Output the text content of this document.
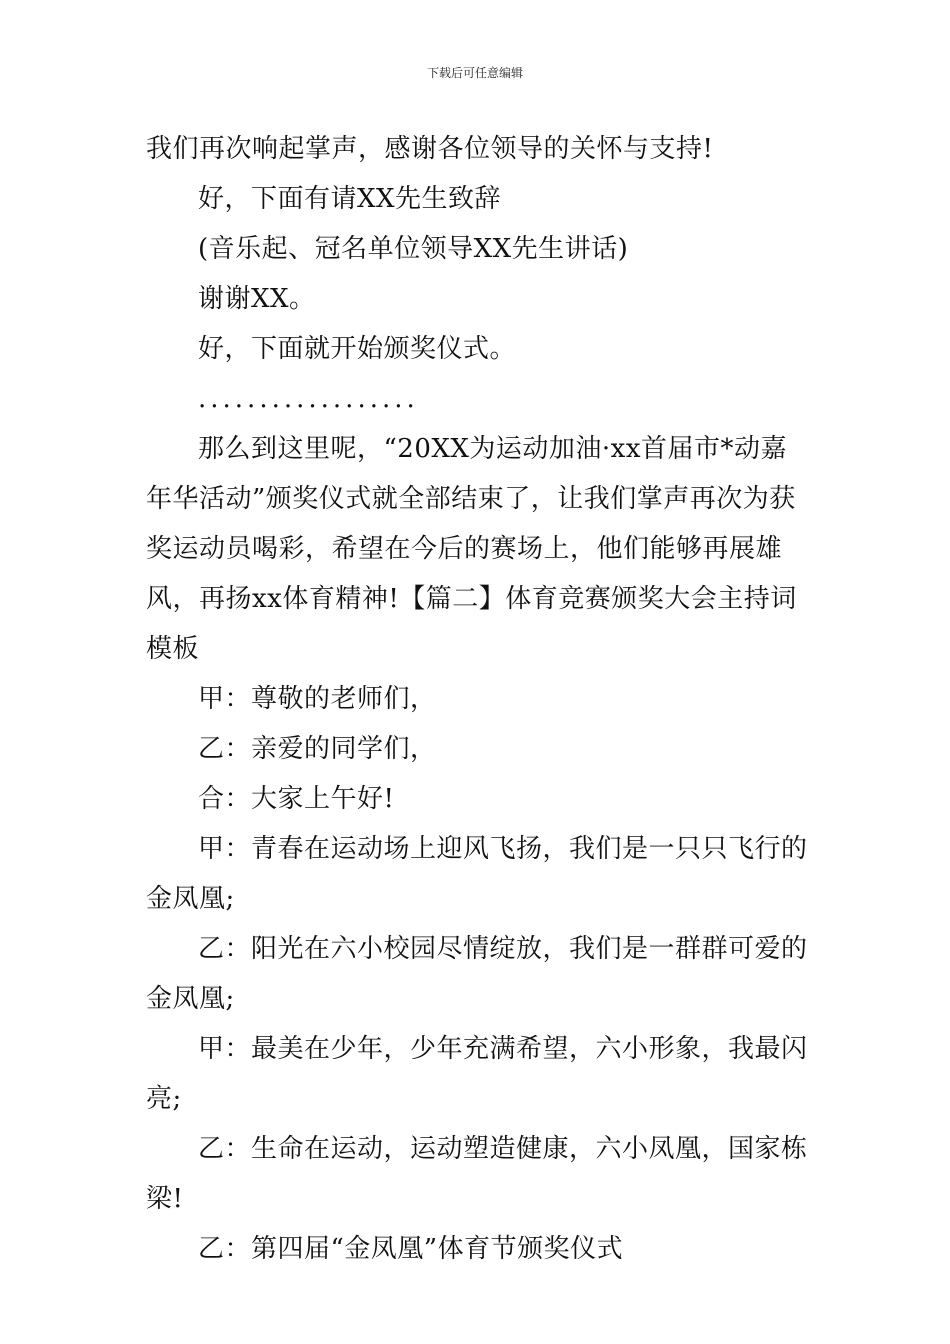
下载后可任意编辑

我们再次响起掌声，感谢各位领导的关怀与支持!

好，下面有请XX先生致辞

(音乐起、冠名单位领导XX先生讲话)

谢谢XX。

好，下面就开始颁奖仪式。

..................

那么到这里呢，“20XX为运动加油·xx首届市*动嘉年华活动”颁奖仪式就全部结束了，让我们掌声再次为获奖运动员喝彩，希望在今后的赛场上，他们能够再展雄风，再扬xx体育精神!【篇二】体育竞赛颁奖大会主持词模板

甲：尊敬的老师们，

乙：亲爱的同学们，

合：大家上午好!

甲：青春在运动场上迎风飞扬，我们是一只只飞行的金凤凰;

乙：阳光在六小校园尽情绽放，我们是一群群可爱的金凤凰;

甲：最美在少年，少年充满希望，六小形象，我最闪亮;

乙：生命在运动，运动塑造健康，六小凤凰，国家栋梁!

乙：第四届“金凤凰”体育节颁奖仪式
